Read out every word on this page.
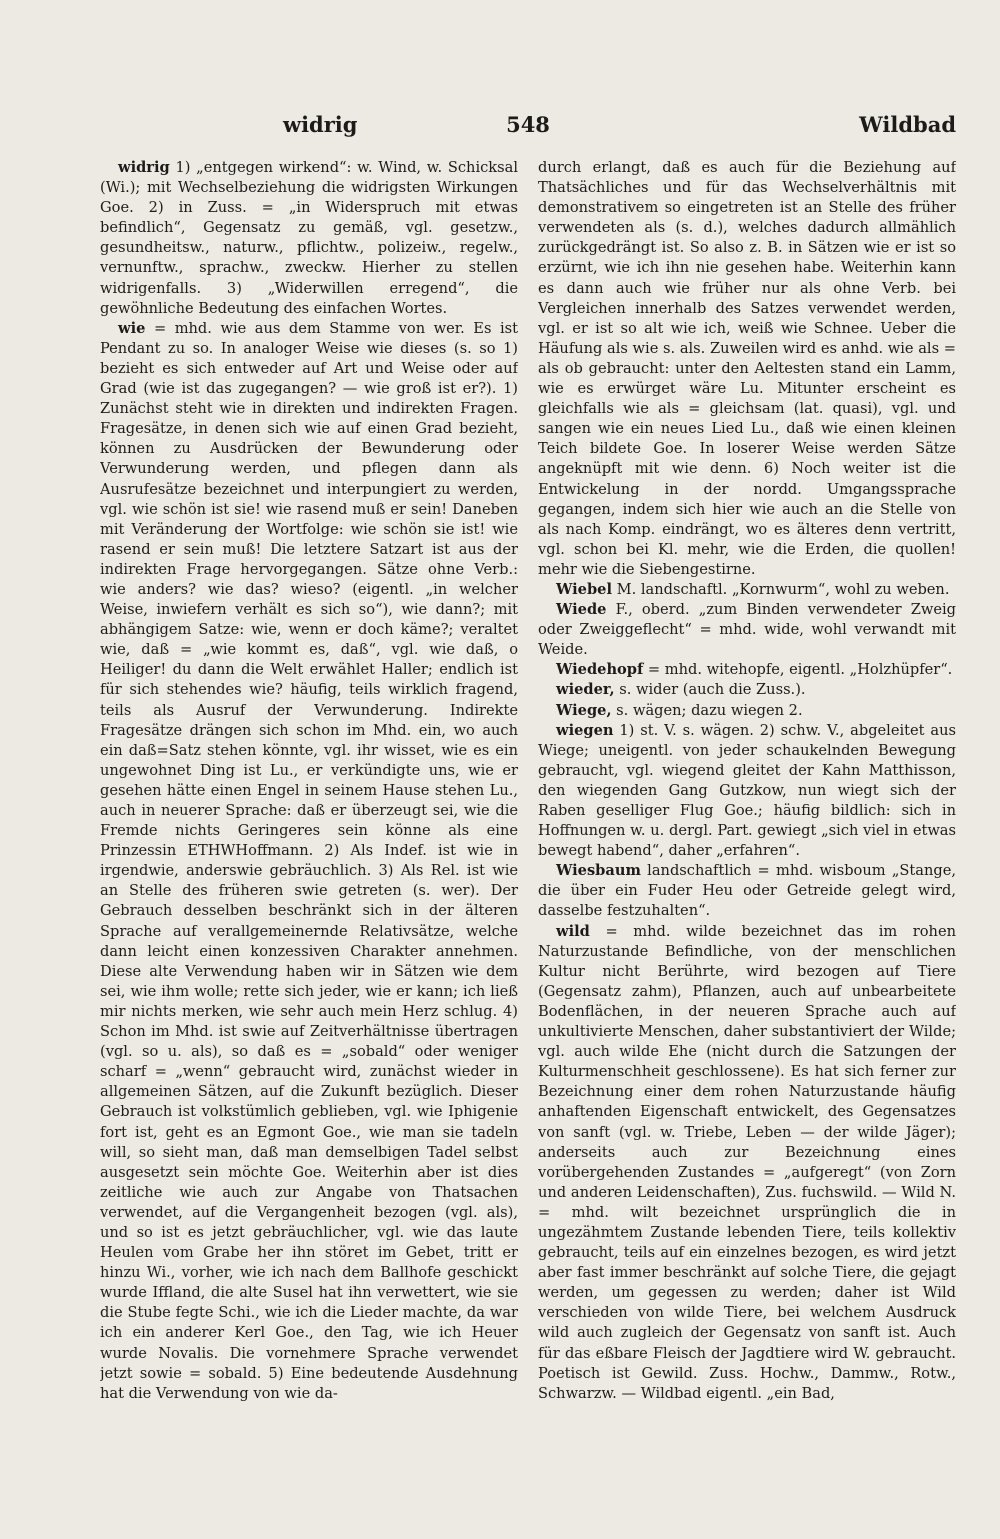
548
widrig	Wildbad

widrig 1) „entgegen wirkend“: w. Wind, w. Schicksal (Wi.); mit Wechselbeziehung die widrigsten Wirkungen Goe. 2) in Zuss. = „in Widerspruch mit etwas befindlich“, Gegensatz zu gemäß, vgl. gesetzw., gesundheitsw., naturw., pflichtw., polizeiw., regelw., vernunftw., sprachw., zweckw. Hierher zu stellen widrigenfalls. 3) „Widerwillen erregend“, die gewöhnliche Bedeutung des einfachen Wortes.

wie = mhd. wie aus dem Stamme von wer. Es ist Pendant zu so. In analoger Weise wie dieses (s. so 1) bezieht es sich entweder auf Art und Weise oder auf Grad (wie ist das zugegangen? — wie groß ist er?). 1) Zunächst steht wie in direkten und indirekten Fragen. Fragesätze, in denen sich wie auf einen Grad bezieht, können zu Ausdrücken der Bewunderung oder Verwunderung werden, und pflegen dann als Ausrufesätze bezeichnet und interpungiert zu werden, vgl. wie schön ist sie! wie rasend muß er sein! Daneben mit Veränderung der Wortfolge: wie schön sie ist! wie rasend er sein muß! Die letztere Satzart ist aus der indirekten Frage hervorgegangen. Sätze ohne Verb.: wie anders? wie das? wieso? (eigentl. „in welcher Weise, inwiefern verhält es sich so“), wie dann?; mit abhängigem Satze: wie, wenn er doch käme?; veraltet wie, daß = „wie kommt es, daß“, vgl. wie daß, o Heiliger! du dann die Welt erwählet Haller; endlich ist für sich stehendes wie? häufig, teils wirklich fragend, teils als Ausruf der Verwunderung. Indirekte Fragesätze drängen sich schon im Mhd. ein, wo auch ein daß=Satz stehen könnte, vgl. ihr wisset, wie es ein ungewohnet Ding ist Lu., er verkündigte uns, wie er gesehen hätte einen Engel in seinem Hause stehen Lu., auch in neuerer Sprache: daß er überzeugt sei, wie die Fremde nichts Geringeres sein könne als eine Prinzessin ETHWHoffmann. 2) Als Indef. ist wie in irgendwie, anderswie gebräuchlich. 3) Als Rel. ist wie an Stelle des früheren swie getreten (s. wer). Der Gebrauch desselben beschränkt sich in der älteren Sprache auf verallgemeinernde Relativsätze, welche dann leicht einen konzessiven Charakter annehmen. Diese alte Verwendung haben wir in Sätzen wie dem sei, wie ihm wolle; rette sich jeder, wie er kann; ich ließ mir nichts merken, wie sehr auch mein Herz schlug. 4) Schon im Mhd. ist swie auf Zeitverhältnisse übertragen (vgl. so u. als), so daß es = „sobald“ oder weniger scharf = „wenn“ gebraucht wird, zunächst wieder in allgemeinen Sätzen, auf die Zukunft bezüglich. Dieser Gebrauch ist volkstümlich geblieben, vgl. wie Iphigenie fort ist, geht es an Egmont Goe., wie man sie tadeln will, so sieht man, daß man demselbigen Tadel selbst ausgesetzt sein möchte Goe. Weiterhin aber ist dies zeitliche wie auch zur Angabe von Thatsachen verwendet, auf die Vergangenheit bezogen (vgl. als), und so ist es jetzt gebräuchlicher, vgl. wie das laute Heulen vom Grabe her ihn störet im Gebet, tritt er hinzu Wi., vorher, wie ich nach dem Ballhofe geschickt wurde Iffland, die alte Susel hat ihn verwettert, wie sie die Stube fegte Schi., wie ich die Lieder machte, da war ich ein anderer Kerl Goe., den Tag, wie ich Heuer wurde Novalis. Die vornehmere Sprache verwendet jetzt sowie = sobald. 5) Eine bedeutende Ausdehnung hat die Verwendung von wie da-

durch erlangt, daß es auch für die Beziehung auf Thatsächliches und für das Wechselverhältnis mit demonstrativem so eingetreten ist an Stelle des früher verwendeten als (s. d.), welches dadurch allmählich zurückgedrängt ist. So also z. B. in Sätzen wie er ist so erzürnt, wie ich ihn nie gesehen habe. Weiterhin kann es dann auch wie früher nur als ohne Verb. bei Vergleichen innerhalb des Satzes verwendet werden, vgl. er ist so alt wie ich, weiß wie Schnee. Ueber die Häufung als wie s. als. Zuweilen wird es anhd. wie als = als ob gebraucht: unter den Aeltesten stand ein Lamm, wie es erwürget wäre Lu. Mitunter erscheint es gleichfalls wie als = gleichsam (lat. quasi), vgl. und sangen wie ein neues Lied Lu., daß wie einen kleinen Teich bildete Goe. In loserer Weise werden Sätze angeknüpft mit wie denn. 6) Noch weiter ist die Entwickelung in der nordd. Umgangssprache gegangen, indem sich hier wie auch an die Stelle von als nach Komp. eindrängt, wo es älteres denn vertritt, vgl. schon bei Kl. mehr, wie die Erden, die quollen! mehr wie die Siebengestirne.

Wiebel M. landschaftl. „Kornwurm“, wohl zu weben.

Wiede F., oberd. „zum Binden verwendeter Zweig oder Zweiggeflecht“ = mhd. wide, wohl verwandt mit Weide.

Wiedehopf = mhd. witehopfe, eigentl. „Holzhüpfer“.

wieder, s. wider (auch die Zuss.).

Wiege, s. wägen; dazu wiegen 2.

wiegen 1) st. V. s. wägen. 2) schw. V., abgeleitet aus Wiege; uneigentl. von jeder schaukelnden Bewegung gebraucht, vgl. wiegend gleitet der Kahn Matthisson, den wiegenden Gang Gutzkow, nun wiegt sich der Raben geselliger Flug Goe.; häufig bildlich: sich in Hoffnungen w. u. dergl. Part. gewiegt „sich viel in etwas bewegt habend“, daher „erfahren“.

Wiesbaum landschaftlich = mhd. wisboum „Stange, die über ein Fuder Heu oder Getreide gelegt wird, dasselbe festzuhalten“.

wild = mhd. wilde bezeichnet das im rohen Naturzustande Befindliche, von der menschlichen Kultur nicht Berührte, wird bezogen auf Tiere (Gegensatz zahm), Pflanzen, auch auf unbearbeitete Bodenflächen, in der neueren Sprache auch auf unkultivierte Menschen, daher substantiviert der Wilde; vgl. auch wilde Ehe (nicht durch die Satzungen der Kulturmenschheit geschlossene). Es hat sich ferner zur Bezeichnung einer dem rohen Naturzustande häufig anhaftenden Eigenschaft entwickelt, des Gegensatzes von sanft (vgl. w. Triebe, Leben — der wilde Jäger); anderseits auch zur Bezeichnung eines vorübergehenden Zustandes = „aufgeregt“ (von Zorn und anderen Leidenschaften), Zus. fuchswild. — Wild N. = mhd. wilt bezeichnet ursprünglich die in ungezähmtem Zustande lebenden Tiere, teils kollektiv gebraucht, teils auf ein einzelnes bezogen, es wird jetzt aber fast immer beschränkt auf solche Tiere, die gejagt werden, um gegessen zu werden; daher ist Wild verschieden von wilde Tiere, bei welchem Ausdruck wild auch zugleich der Gegensatz von sanft ist. Auch für das eßbare Fleisch der Jagdtiere wird W. gebraucht. Poetisch ist Gewild. Zuss. Hochw., Dammw., Rotw., Schwarzw. — Wildbad eigentl. „ein Bad,
